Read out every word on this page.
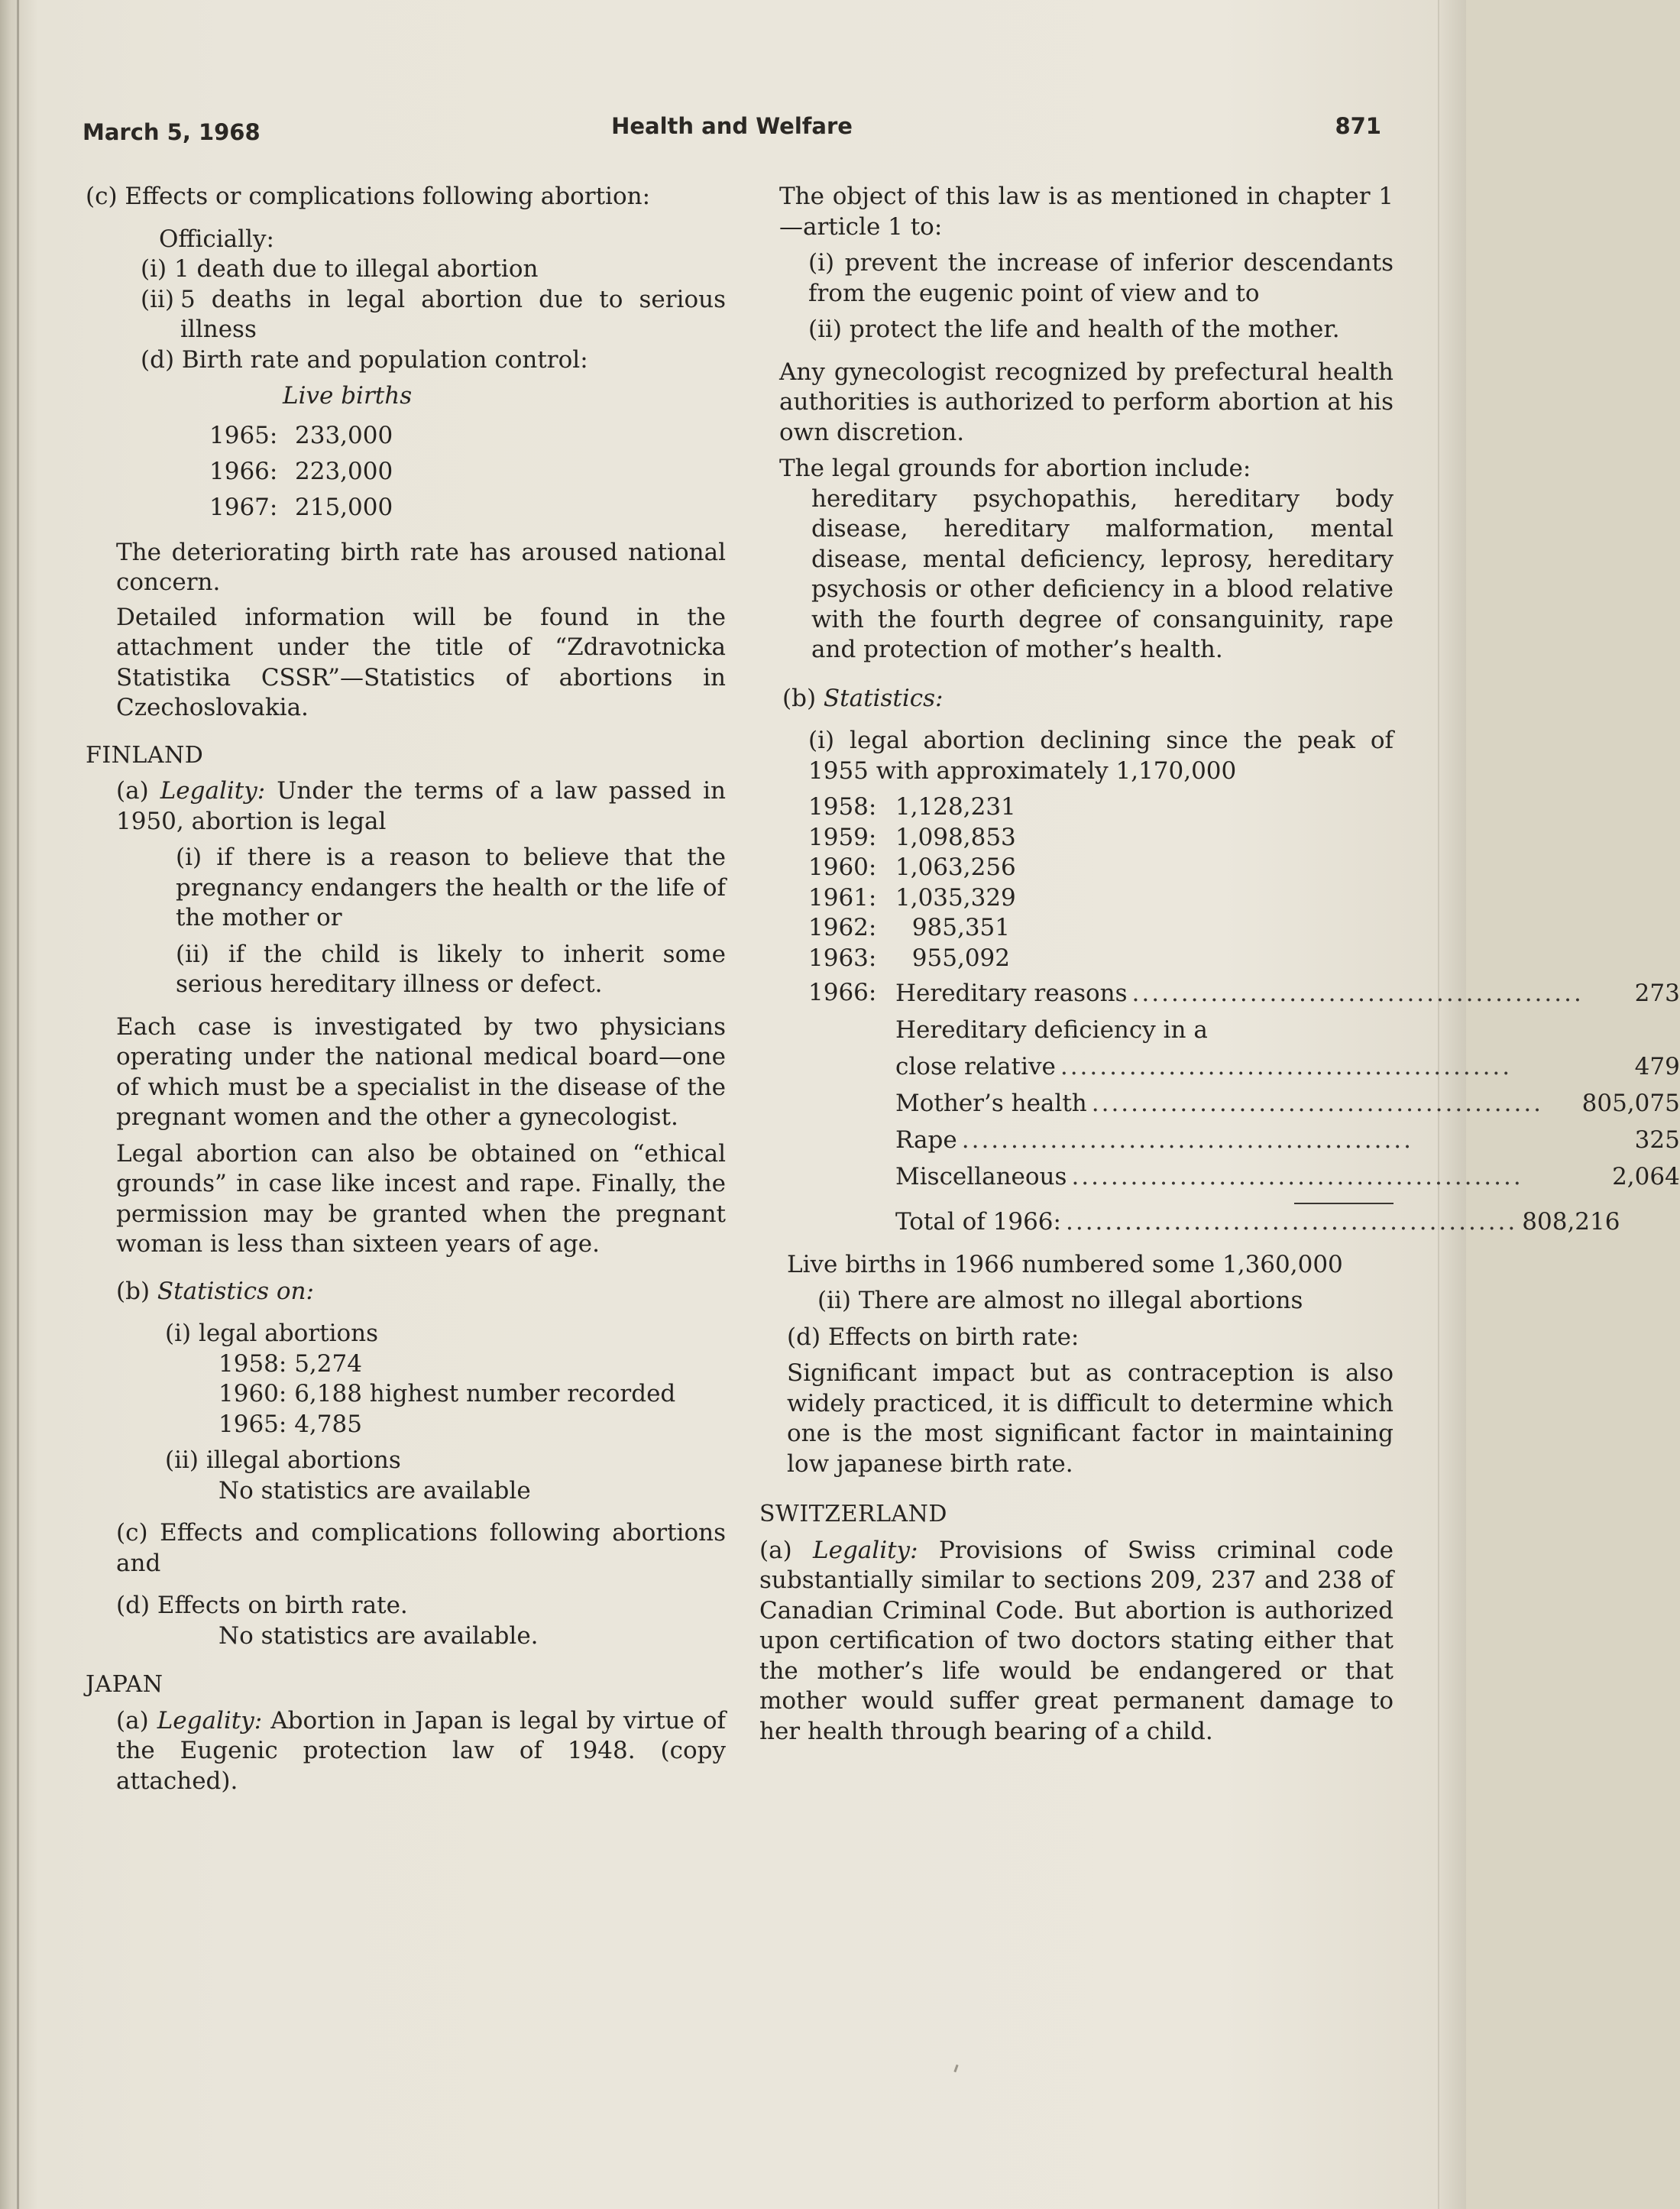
March 5, 1968	Health and Welfare	871

(c) Effects or complications following abortion:

Officially:

(i) 1 death due to illegal abortion

(ii) 5 deaths in legal abortion due to serious illness

(d) Birth rate and population control:

Live births

1965: 233,000
1966: 223,000
1967: 215,000

The deteriorating birth rate has aroused national concern.

Detailed information will be found in the attachment under the title of “Zdravotnicka Statistika CSSR”—Statistics of abortions in Czechoslovakia.

FINLAND

(a) Legality: Under the terms of a law passed in 1950, abortion is legal

(i) if there is a reason to believe that the pregnancy endangers the health or the life of the mother or

(ii) if the child is likely to inherit some serious hereditary illness or defect.

Each case is investigated by two physicians operating under the national medical board—one of which must be a specialist in the disease of the pregnant women and the other a gynecologist.

Legal abortion can also be obtained on “ethical grounds” in case like incest and rape. Finally, the permission may be granted when the pregnant woman is less than sixteen years of age.

(b) Statistics on:

(i) legal abortions

1958: 5,274
1960: 6,188 highest number recorded
1965: 4,785

(ii) illegal abortions

No statistics are available

(c) Effects and complications following abortions and

(d) Effects on birth rate.

No statistics are available.

JAPAN

(a) Legality: Abortion in Japan is legal by virtue of the Eugenic protection law of 1948. (copy attached).

The object of this law is as mentioned in chapter 1—article 1 to:

(i) prevent the increase of inferior descendants from the eugenic point of view and to

(ii) protect the life and health of the mother.

Any gynecologist recognized by prefectural health authorities is authorized to perform abortion at his own discretion.

The legal grounds for abortion include:

hereditary psychopathis, hereditary body disease, hereditary malformation, mental disease, mental deficiency, leprosy, hereditary psychosis or other deficiency in a blood relative with the fourth degree of consanguinity, rape and protection of mother’s health.

(b) Statistics:

(i) legal abortion declining since the peak of 1955 with approximately 1,170,000

1958: 1,128,231
1959: 1,098,853
1960: 1,063,256
1961: 1,035,329
1962:	985,351
1963:	955,092
1966: Hereditary reasons ..............................................	273
Hereditary deficiency in a
close relative ..............................................	479
Mother’s health ..............................................	805,075
Rape ..............................................	325
Miscellaneous ..............................................	2,064
Total of 1966: .............................................. 808,216

Live births in 1966 numbered some 1,360,000

(ii) There are almost no illegal abortions

(d) Effects on birth rate:

Significant impact but as contraception is also widely practiced, it is difficult to determine which one is the most significant factor in maintaining low japanese birth rate.

SWITZERLAND

(a) Legality: Provisions of Swiss criminal code substantially similar to sections 209, 237 and 238 of Canadian Criminal Code. But abortion is authorized upon certification of two doctors stating either that the mother’s life would be endangered or that mother would suffer great permanent damage to her health through bearing of a child.
